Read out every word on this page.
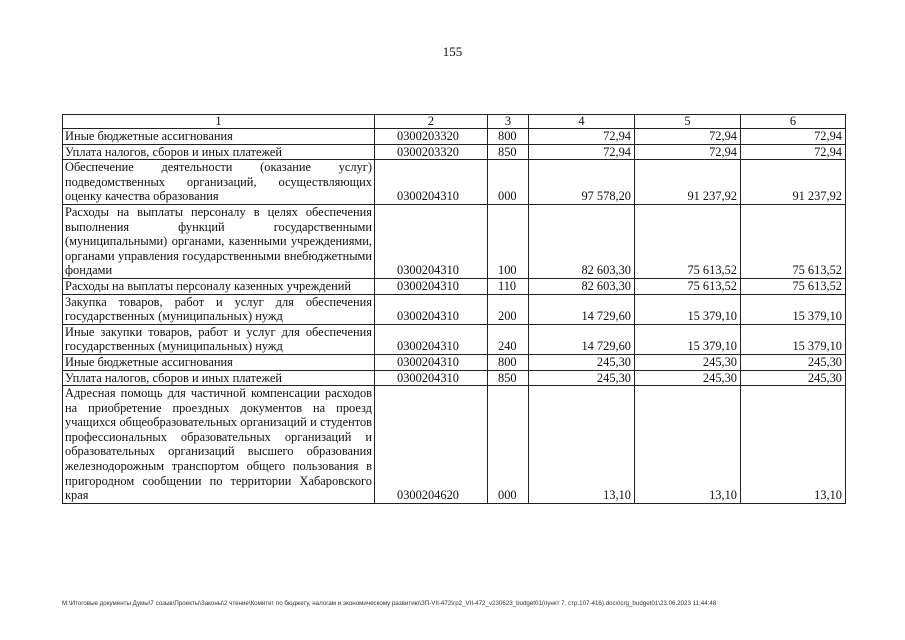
155
1	2	3	4	5	6
Иные бюджетные ассигнования	0300203320	800	72,94	72,94	72,94
Уплата налогов, сборов и иных платежей	0300203320	850	72,94	72,94	72,94
Обеспечение деятельности (оказание услуг) подведомственных организаций, осуществляющих оценку качества образования	0300204310	000	97 578,20	91 237,92	91 237,92
Расходы на выплаты персоналу в целях обеспечения выполнения функций государственными (муниципальными) органами, казенными учреждениями, органами управления государственными внебюджетными фондами	0300204310	100	82 603,30	75 613,52	75 613,52
Расходы на выплаты персоналу казенных учреждений	0300204310	110	82 603,30	75 613,52	75 613,52
Закупка товаров, работ и услуг для обеспечения государственных (муниципальных) нужд	0300204310	200	14 729,60	15 379,10	15 379,10
Иные закупки товаров, работ и услуг для обеспечения государственных (муниципальных) нужд	0300204310	240	14 729,60	15 379,10	15 379,10
Иные бюджетные ассигнования	0300204310	800	245,30	245,30	245,30
Уплата налогов, сборов и иных платежей	0300204310	850	245,30	245,30	245,30
Адресная помощь для частичной компенсации расходов на приобретение проездных документов на проезд учащихся общеобразовательных организаций и студентов профессиональных образовательных организаций и образовательных организаций высшего образования железнодорожным транспортом общего пользования в пригородном сообщении по территории Хабаровского края	0300204620	000	13,10	13,10	13,10
M:\Итоговые документы Думы\7 созыв\Проекты\Законы\2 чтение\Комитет по бюджету, налогам и экономическому развитию\ЗП-VII-472\гр2_VII-472_v230623_budget01(пункт 7, стр.107-416).docx\сrg_budget01\23.06.2023 11:44:48
